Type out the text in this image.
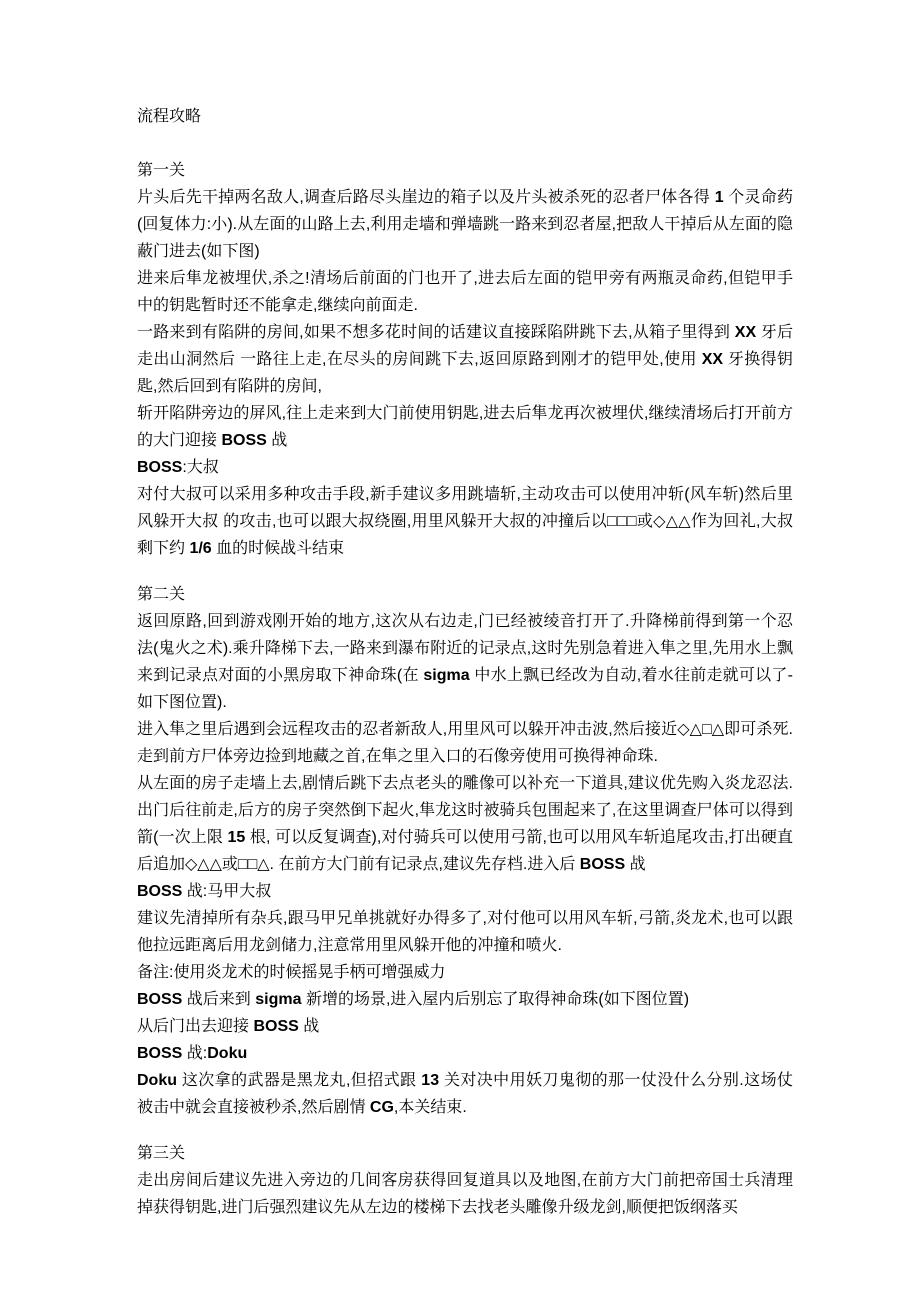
流程攻略
第一关

片头后先干掉两名敌人,调查后路尽头崖边的箱子以及片头被杀死的忍者尸体各得 1 个灵命药(回复体力:小).从左面的山路上去,利用走墙和弹墙跳一路来到忍者屋,把敌人干掉后从左面的隐蔽门进去(如下图)

进来后隼龙被埋伏,杀之!清场后前面的门也开了,进去后左面的铠甲旁有两瓶灵命药,但铠甲手中的钥匙暂时还不能拿走,继续向前面走.

一路来到有陷阱的房间,如果不想多花时间的话建议直接踩陷阱跳下去,从箱子里得到 XX 牙后走出山洞然后 一路往上走,在尽头的房间跳下去,返回原路到刚才的铠甲处,使用 XX 牙换得钥匙,然后回到有陷阱的房间,

斩开陷阱旁边的屏风,往上走来到大门前使用钥匙,进去后隼龙再次被埋伏,继续清场后打开前方的大门迎接 BOSS 战

BOSS:大叔

对付大叔可以采用多种攻击手段,新手建议多用跳墙斩,主动攻击可以使用冲斩(风车斩)然后里风躲开大叔 的攻击,也可以跟大叔绕圈,用里风躲开大叔的冲撞后以□□□或◇△△作为回礼,大叔剩下约 1/6 血的时候战斗结束

第二关

返回原路,回到游戏刚开始的地方,这次从右边走,门已经被绫音打开了.升降梯前得到第一个忍法(鬼火之术).乘升降梯下去,一路来到瀑布附近的记录点,这时先别急着进入隼之里,先用水上飘来到记录点对面的小黑房取下神命珠(在 sigma 中水上飘已经改为自动,着水往前走就可以了-如下图位置).

进入隼之里后遇到会远程攻击的忍者新敌人,用里风可以躲开冲击波,然后接近◇△□△即可杀死.走到前方尸体旁边捡到地藏之首,在隼之里入口的石像旁使用可换得神命珠.

从左面的房子走墙上去,剧情后跳下去点老头的雕像可以补充一下道具,建议优先购入炎龙忍法.出门后往前走,后方的房子突然倒下起火,隼龙这时被骑兵包围起来了,在这里调查尸体可以得到箭(一次上限 15 根, 可以反复调查),对付骑兵可以使用弓箭,也可以用风车斩追尾攻击,打出硬直后追加◇△△或□□△. 在前方大门前有记录点,建议先存档.进入后 BOSS 战

BOSS 战:马甲大叔

建议先清掉所有杂兵,跟马甲兄单挑就好办得多了,对付他可以用风车斩,弓箭,炎龙术,也可以跟他拉远距离后用龙剑储力,注意常用里风躲开他的冲撞和喷火.

备注:使用炎龙术的时候摇晃手柄可增强威力

BOSS 战后来到 sigma 新增的场景,进入屋内后别忘了取得神命珠(如下图位置)

从后门出去迎接 BOSS 战

BOSS 战:Doku

Doku 这次拿的武器是黑龙丸,但招式跟 13 关对决中用妖刀鬼彻的那一仗没什么分别.这场仗被击中就会直接被秒杀,然后剧情 CG,本关结束.

第三关

走出房间后建议先进入旁边的几间客房获得回复道具以及地图,在前方大门前把帝国士兵清理掉获得钥匙,进门后强烈建议先从左边的楼梯下去找老头雕像升级龙剑,顺便把饭纲落买
